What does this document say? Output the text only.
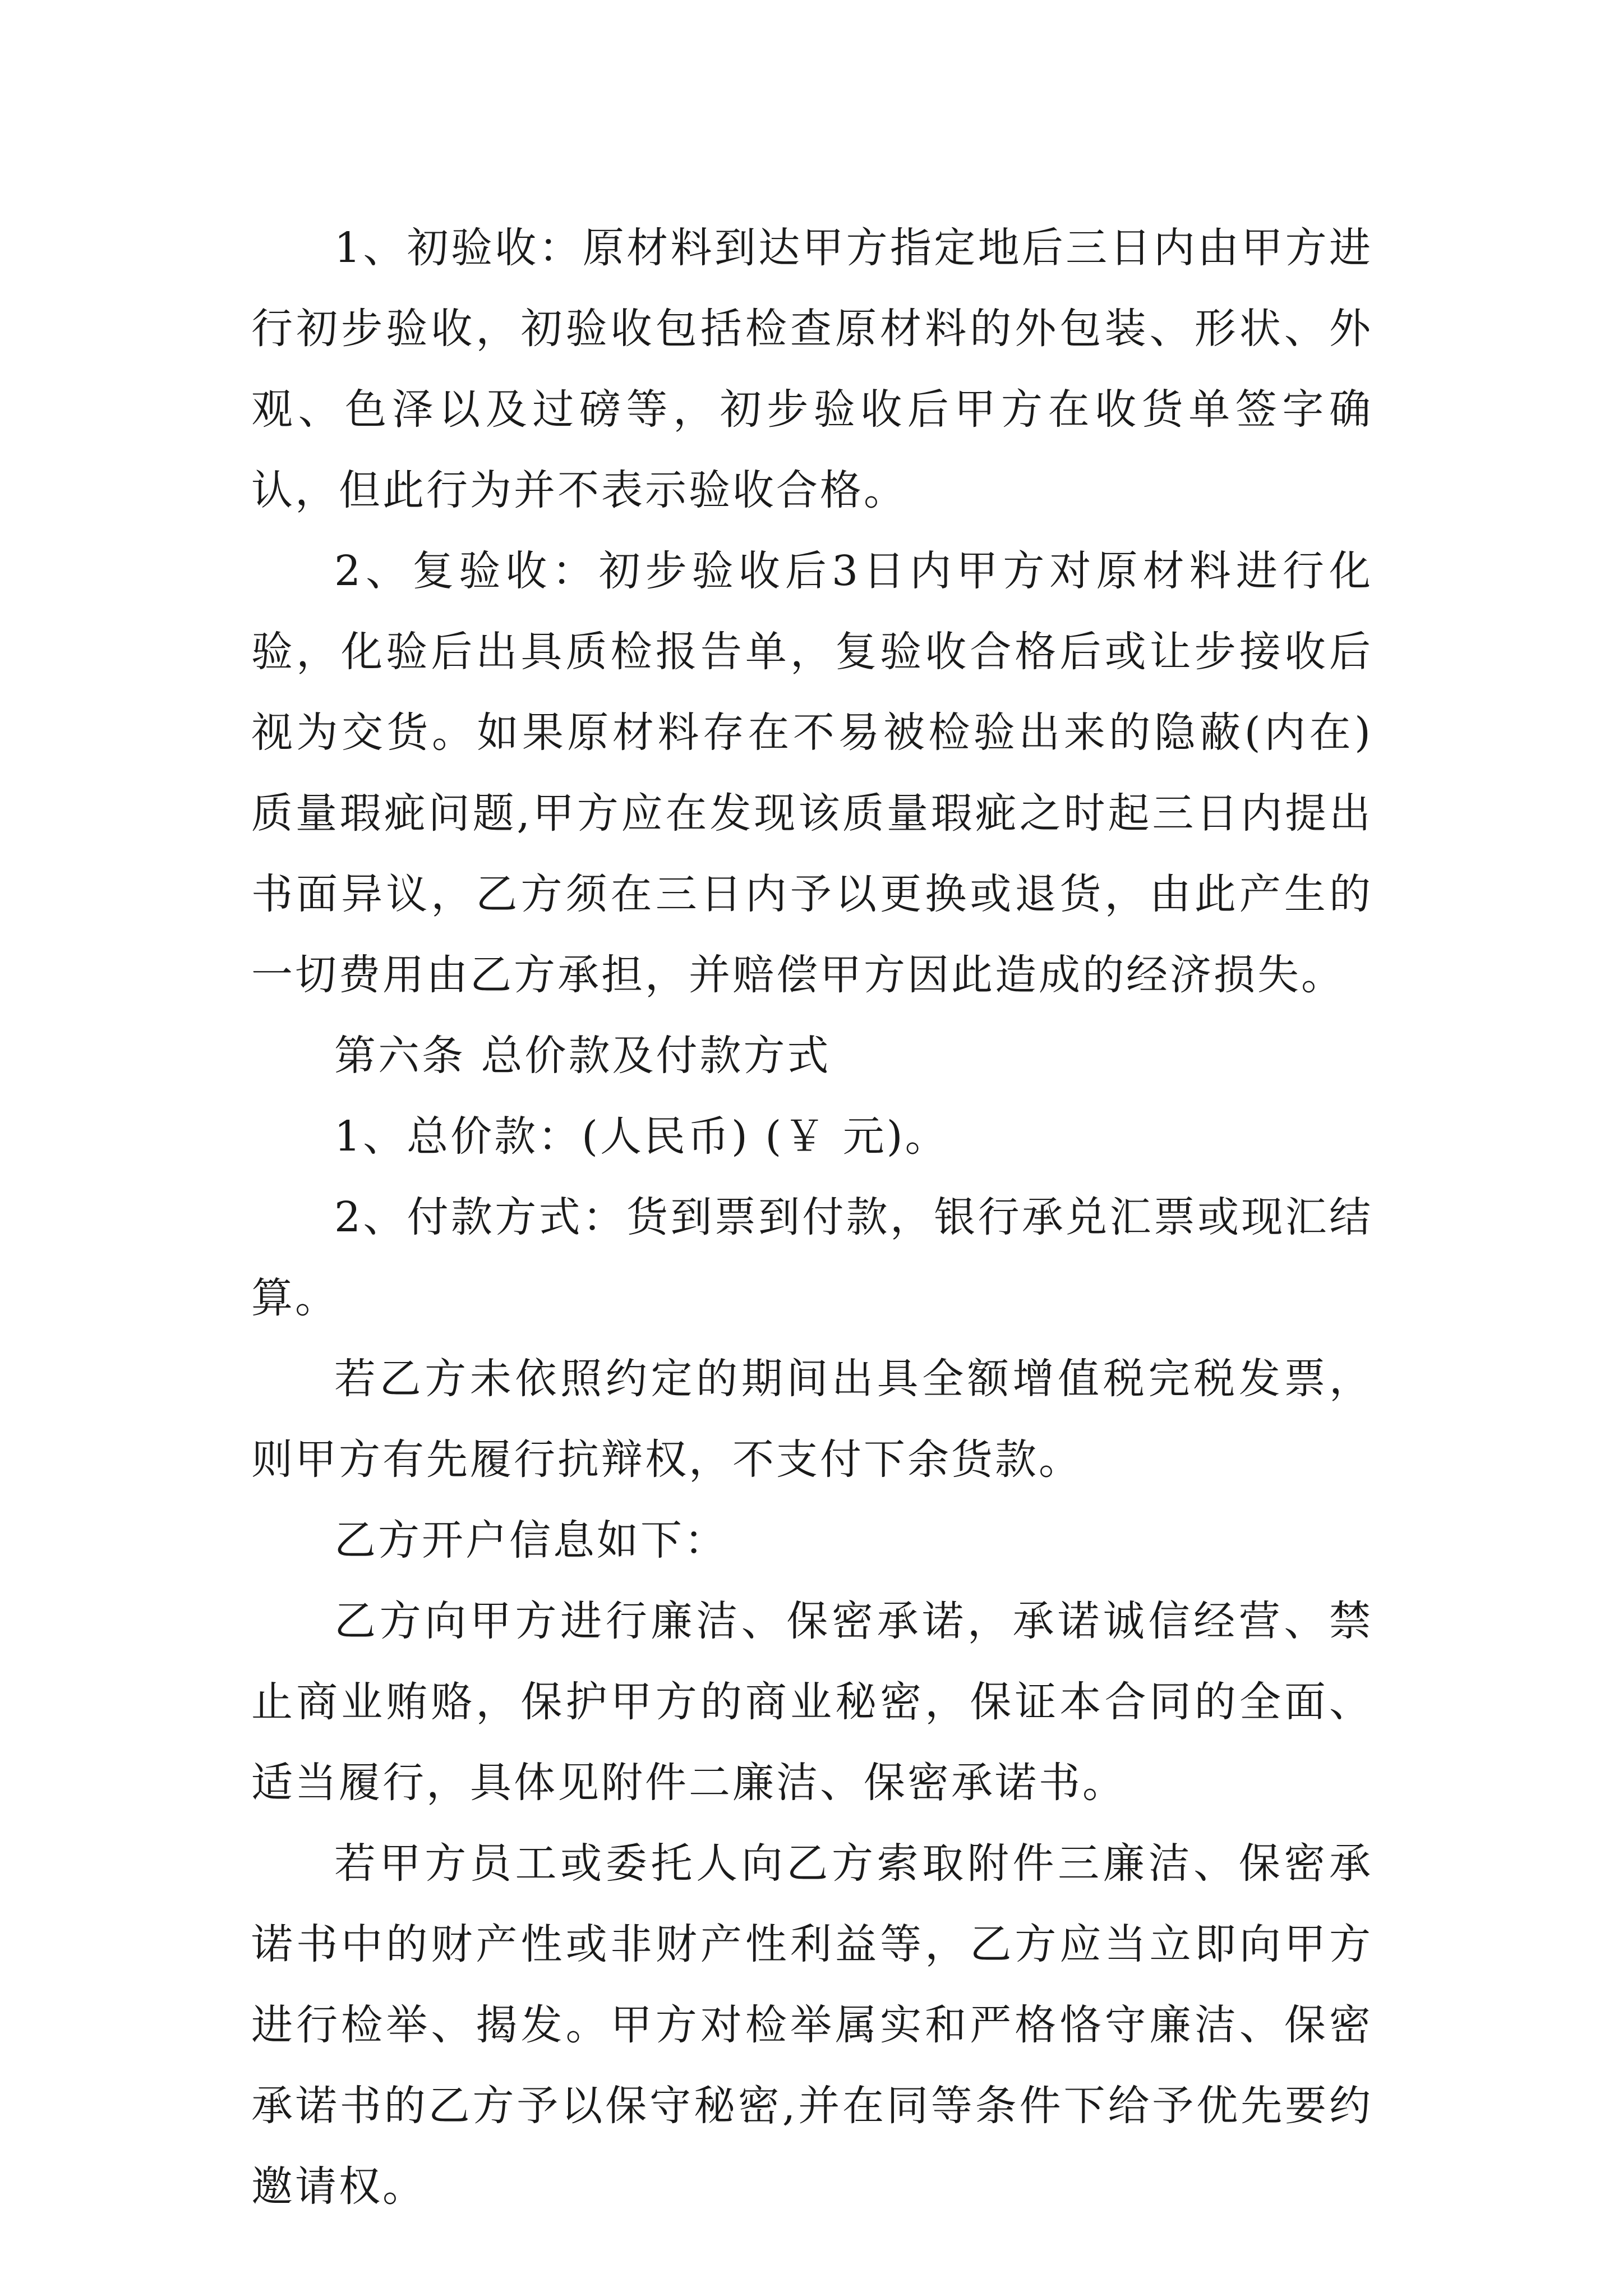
1、初验收：原材料到达甲方指定地后三日内由甲方进行初步验收，初验收包括检查原材料的外包装、形状、外观、色泽以及过磅等，初步验收后甲方在收货单签字确认，但此行为并不表示验收合格。

2、复验收：初步验收后3日内甲方对原材料进行化验，化验后出具质检报告单，复验收合格后或让步接收后视为交货。如果原材料存在不易被检验出来的隐蔽(内在)质量瑕疵问题,甲方应在发现该质量瑕疵之时起三日内提出书面异议，乙方须在三日内予以更换或退货，由此产生的一切费用由乙方承担，并赔偿甲方因此造成的经济损失。

第六条 总价款及付款方式

1、总价款：(人民币) (￥ 元)。

2、付款方式：货到票到付款，银行承兑汇票或现汇结算。

若乙方未依照约定的期间出具全额增值税完税发票，则甲方有先履行抗辩权，不支付下余货款。

乙方开户信息如下：

乙方向甲方进行廉洁、保密承诺，承诺诚信经营、禁止商业贿赂，保护甲方的商业秘密，保证本合同的全面、适当履行，具体见附件二廉洁、保密承诺书。

若甲方员工或委托人向乙方索取附件三廉洁、保密承诺书中的财产性或非财产性利益等，乙方应当立即向甲方进行检举、揭发。甲方对检举属实和严格恪守廉洁、保密承诺书的乙方予以保守秘密,并在同等条件下给予优先要约邀请权。
